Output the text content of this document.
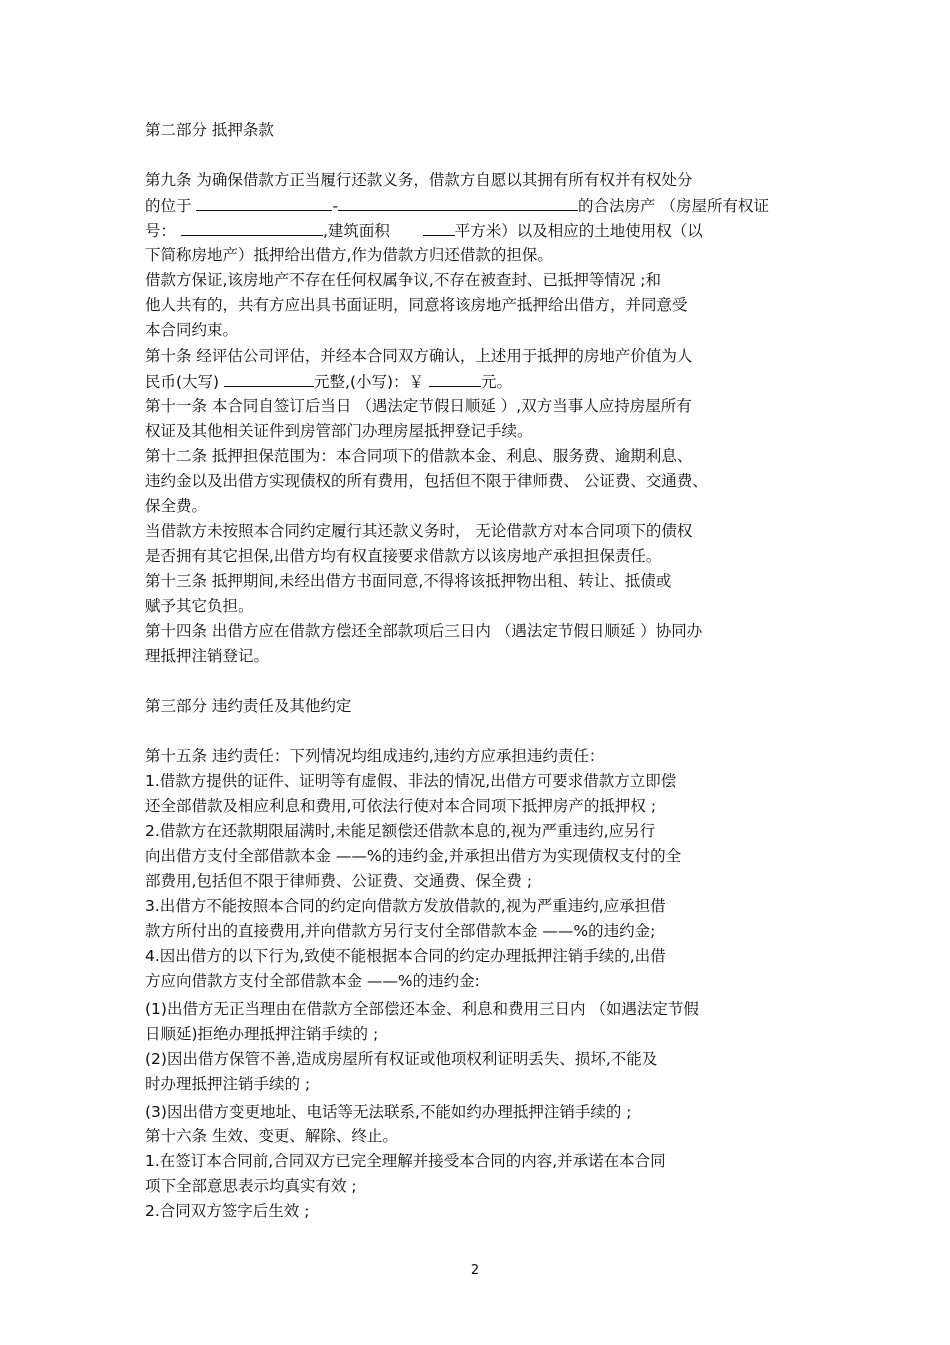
第二部分 抵押条款
第九条 为确保借款方正当履行还款义务，借款方自愿以其拥有所有权并有权处分
的位于	-	的合法房产 （房屋所有权证
号：	,建筑面积	平方米）以及相应的土地使用权（以
下简称房地产）抵押给出借方,作为借款方归还借款的担保。
借款方保证,该房地产不存在任何权属争议,不存在被查封、已抵押等情况 ;和
他人共有的，共有方应出具书面证明，同意将该房地产抵押给出借方，并同意受
本合同约束。
第十条 经评估公司评估，并经本合同双方确认，上述用于抵押的房地产价值为人
民币(大写)	元整,(小写)：￥	元。
第十一条 本合同自签订后当日 （遇法定节假日顺延 ）,双方当事人应持房屋所有
权证及其他相关证件到房管部门办理房屋抵押登记手续。
第十二条 抵押担保范围为：本合同项下的借款本金、利息、服务费、逾期利息、
违约金以及出借方实现债权的所有费用，包括但不限于律师费、 公证费、交通费、
保全费。
当借款方未按照本合同约定履行其还款义务时， 无论借款方对本合同项下的债权
是否拥有其它担保,出借方均有权直接要求借款方以该房地产承担担保责任。
第十三条 抵押期间,未经出借方书面同意,不得将该抵押物出租、转让、抵债或
赋予其它负担。
第十四条 出借方应在借款方偿还全部款项后三日内 （遇法定节假日顺延 ）协同办
理抵押注销登记。
第三部分 违约责任及其他约定
第十五条 违约责任：下列情况均组成违约,违约方应承担违约责任：
1.借款方提供的证件、证明等有虚假、非法的情况,出借方可要求借款方立即偿
还全部借款及相应利息和费用,可依法行使对本合同项下抵押房产的抵押权 ;
2.借款方在还款期限届满时,未能足额偿还借款本息的,视为严重违约,应另行
向出借方支付全部借款本金 ——%的违约金,并承担出借方为实现债权支付的全
部费用,包括但不限于律师费、公证费、交通费、保全费 ;
3.出借方不能按照本合同的约定向借款方发放借款的,视为严重违约,应承担借
款方所付出的直接费用,并向借款方另行支付全部借款本金 ——%的违约金;
4.因出借方的以下行为,致使不能根据本合同的约定办理抵押注销手续的,出借
方应向借款方支付全部借款本金 ——%的违约金:
(1)出借方无正当理由在借款方全部偿还本金、利息和费用三日内 （如遇法定节假
日顺延)拒绝办理抵押注销手续的 ;
(2)因出借方保管不善,造成房屋所有权证或他项权利证明丢失、损坏,不能及
时办理抵押注销手续的 ;
(3)因出借方变更地址、电话等无法联系,不能如约办理抵押注销手续的 ;
第十六条 生效、变更、解除、终止。
1.在签订本合同前,合同双方已完全理解并接受本合同的内容,并承诺在本合同
项下全部意思表示均真实有效 ;
2.合同双方签字后生效 ;
2
